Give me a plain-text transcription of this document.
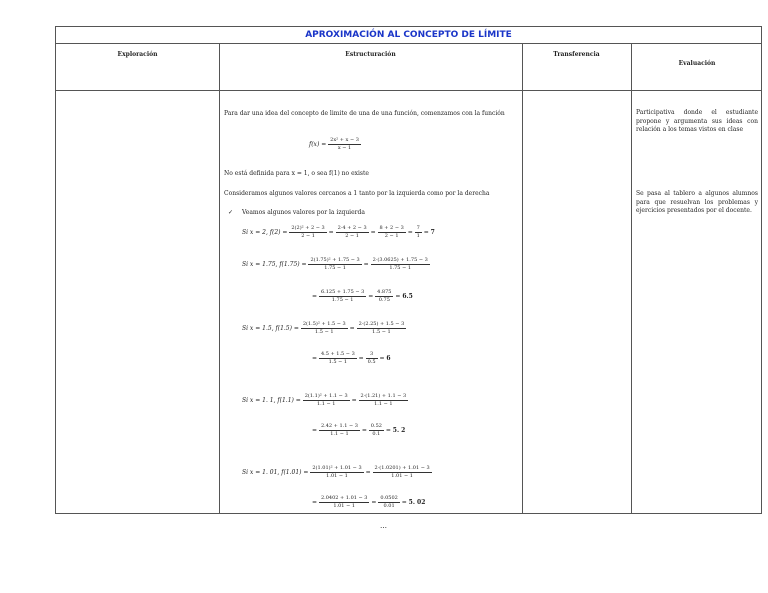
APROXIMACIÓN AL CONCEPTO DE LÍMITE
Exploración	Estructuración	Transferencia
Evaluación
Para dar una idea del concepto de limite de una de una función, comenzamos con la función
$f(x) = \frac{\text{2x² + x − 3}}{x - 1}$
No está definida para x = 1, o sea f(1) no existe
Consideramos algunos valores cercanos a 1 tanto por la izquierda como por la derecha
✓ Veamos algunos valores por la izquierda
Si x = 2, $f(2) = \frac{\text{2(2)² + 2 − 3}}{2 - 1} = \frac{2\cdot 4 + 2 - 3}{2 - 1} = \frac{8 + 2 - 3}{2 - 1} = \frac{7}{1} = 7$
Si x = 1.75, $f(1.75) = \frac{\text{2(1.75)² + 1.75 − 3}}{1.75 - 1} = \frac{2\cdot(3.0625) + 1.75 - 3}{1.75 - 1}$
= $\frac{6.125 + 1.75 - 3}{1.75 - 1} = \frac{4.875}{0.75} = 6.5$
Si x = 1.5, $f(1.5) = \frac{\text{2(1.5)² + 1.5 − 3}}{1.5 - 1} = \frac{2\cdot(2.25) + 1.5 - 3}{1.5 - 1}$
= $\frac{4.5 + 1.5 - 3}{1.5 - 1} = \frac{3}{0.5} = 6$
Si x = 1. 1, $f(1.1) = \frac{\text{2(1.1)² + 1.1 − 3}}{1.1 - 1} = \frac{2\cdot(1.21) + 1.1 - 3}{1.1 - 1}$
= $\frac{2.42 + 1.1 - 3}{1.1 - 1} = \frac{0.52}{0.1} = 5$. 2
Si x = 1. 01, $f(1.01) = \frac{\text{2(1.01)² + 1.01 − 3}}{1.01 - 1} = \frac{2\cdot(1.0201) + 1.01 - 3}{1.01 - 1}$
= $\frac{2.0402 + 1.01 - 3}{1.01 - 1} = \frac{0.0502}{0.01} = 5$. 02
Participativa donde el estudiante propone y argumenta sus ideas con relación a los temas vistos en clase
Se pasa al tablero a algunos alumnos para que resuelvan los problemas y ejercicios presentados por el docente.
…
